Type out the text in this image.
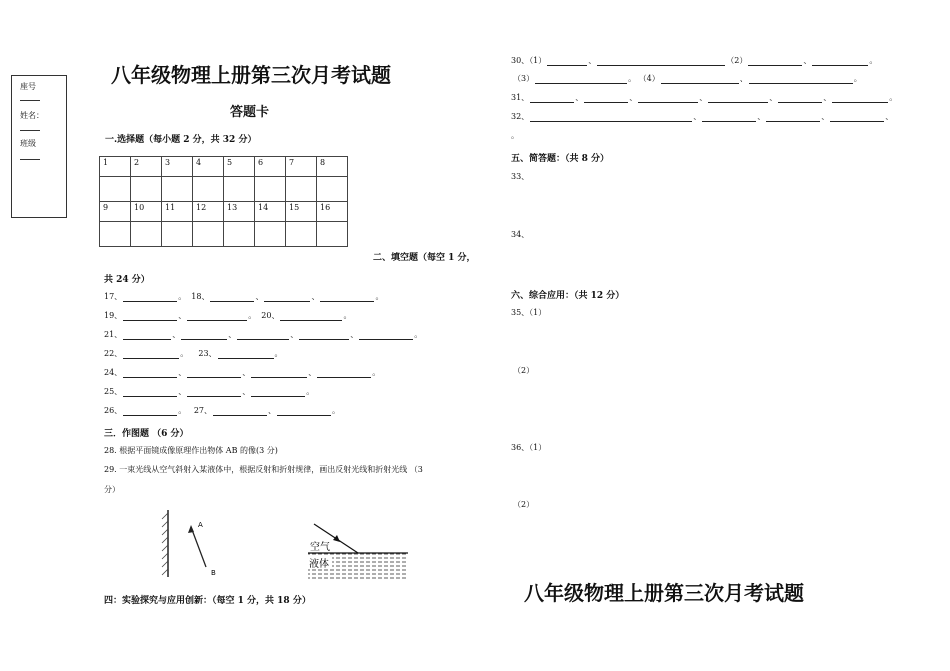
座号
姓名：
班级
八年级物理上册第三次月考试题
答题卡
一.选择题（每小题 2 分，共 32 分）
1	2	3	4	5	6	7	8

9	10	11	12	13	14	15	16

二、填空题（每空 1 分，
共 24 分）
17、	。 18、	、	、	。
19、	、	。 20、	。
21、	、	、	、	、	。
22、	。 23、	。
24、	、	、	、	。
25、	、	、	。
26、	。 27、	、	。
三．作图题 （6 分）
28. 根据平面镜成像原理作出物体 AB 的像(3 分)
29. 一束光线从空气斜射入某液体中，根据反射和折射规律，画出反射光线和折射光线 （3
分）
A
B
空气
液体
四：实验探究与应用创新：（每空 1 分，共 18 分）
30、（1）	、	（2）	、	。
（3）	。 （4）	、	。
31、	、	、	、	、	、	。
32、	、	、	、	、
。
五、简答题：（共 8 分）
33、
34、
六、综合应用：（共 12 分）
35、（1）
（2）
36、（1）
（2）
八年级物理上册第三次月考试题
